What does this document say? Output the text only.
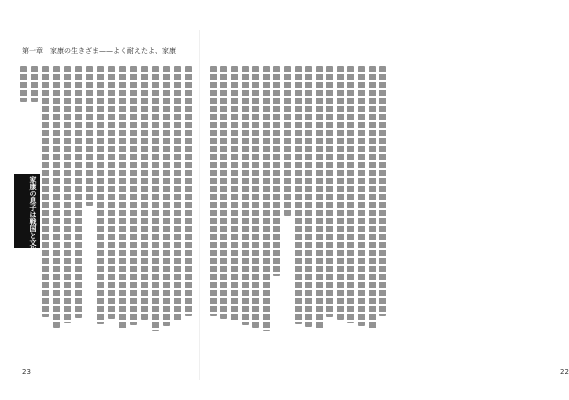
第一章　家康の生きざま——よく耐えたよ、家康
家康の息子は戦国と文化
23	22
